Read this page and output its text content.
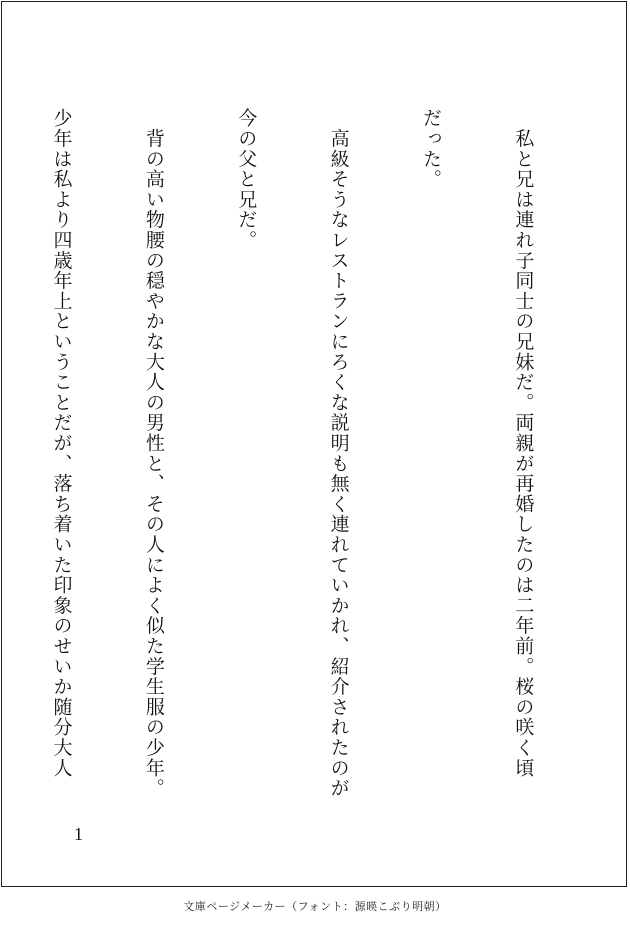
　私と兄は連れ子同士の兄妹だ。両親が再婚したのは二年前。桜の咲く頃

だった。

　高級そうなレストランにろくな説明も無く連れていかれ、紹介されたのが

今の父と兄だ。

　背の高い物腰の穏やかな大人の男性と、その人によく似た学生服の少年。

少年は私より四歳年上ということだが、落ち着いた印象のせいか随分大人

1
文庫ページメーカー（フォント：源暎こぶり明朝）
